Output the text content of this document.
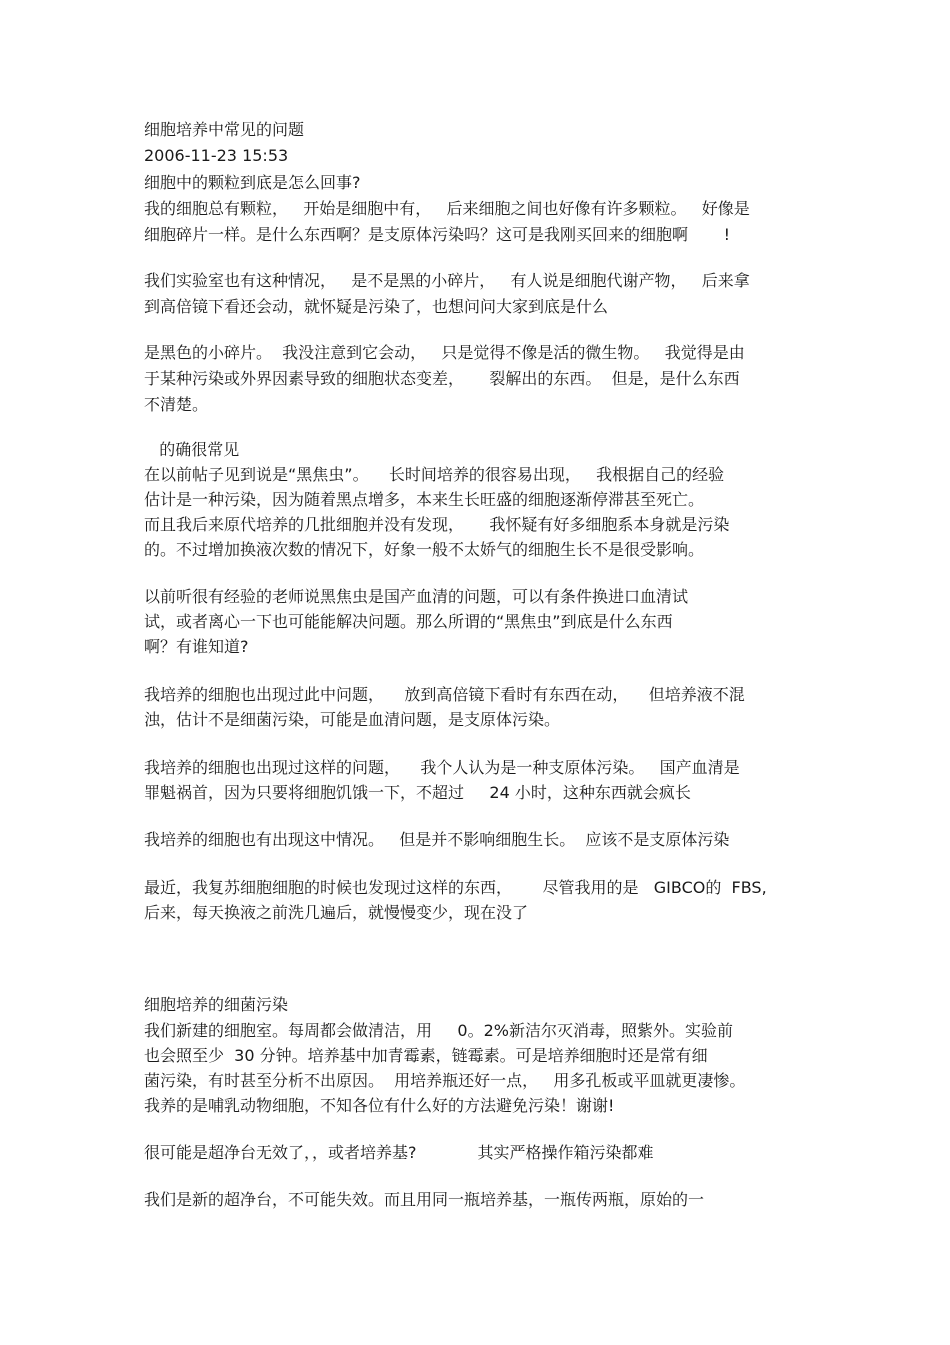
细胞培养中常见的问题
2006-11-23 15:53
细胞中的颗粒到底是怎么回事?
我的细胞总有颗粒，   开始是细胞中有，   后来细胞之间也好像有许多颗粒。   好像是
细胞碎片一样。是什么东西啊？是支原体污染吗？这可是我刚买回来的细胞啊       !
我们实验室也有这种情况，   是不是黑的小碎片，   有人说是细胞代谢产物，   后来拿
到高倍镜下看还会动，就怀疑是污染了，也想问问大家到底是什么
是黑色的小碎片。  我没注意到它会动，   只是觉得不像是活的微生物。   我觉得是由
于某种污染或外界因素导致的细胞状态变差，     裂解出的东西。  但是，是什么东西
不清楚。
的确很常见
在以前帖子见到说是“黑焦虫”。    长时间培养的很容易出现，   我根据自己的经验
估计是一种污染，因为随着黑点增多，本来生长旺盛的细胞逐渐停滞甚至死亡。
而且我后来原代培养的几批细胞并没有发现，     我怀疑有好多细胞系本身就是污染
的。不过增加换液次数的情况下，好象一般不太娇气的细胞生长不是很受影响。
以前听很有经验的老师说黑焦虫是国产血清的问题，可以有条件换进口血清试
试，或者离心一下也可能能解决问题。那么所谓的“黑焦虫”到底是什么东西
啊？有谁知道?
我培养的细胞也出现过此中问题，    放到高倍镜下看时有东西在动，    但培养液不混
浊，估计不是细菌污染，可能是血清问题，是支原体污染。
我培养的细胞也出现过这样的问题，    我个人认为是一种支原体污染。   国产血清是
罪魁祸首，因为只要将细胞饥饿一下，不超过     24 小时，这种东西就会疯长
我培养的细胞也有出现这中情况。   但是并不影响细胞生长。  应该不是支原体污染
最近，我复苏细胞细胞的时候也发现过这样的东西，      尽管我用的是   GIBCO的  FBS,
后来，每天换液之前洗几遍后，就慢慢变少，现在没了
细胞培养的细菌污染
我们新建的细胞室。每周都会做清洁，用     0。2%新洁尔灭消毒，照紫外。实验前
也会照至少  30 分钟。培养基中加青霉素，链霉素。可是培养细胞时还是常有细
菌污染，有时甚至分析不出原因。  用培养瓶还好一点，   用多孔板或平皿就更凄惨。
我养的是哺乳动物细胞，不知各位有什么好的方法避免污染！谢谢!
很可能是超净台无效了，，或者培养基?            其实严格操作箱污染都难
我们是新的超净台，不可能失效。而且用同一瓶培养基，一瓶传两瓶，原始的一
